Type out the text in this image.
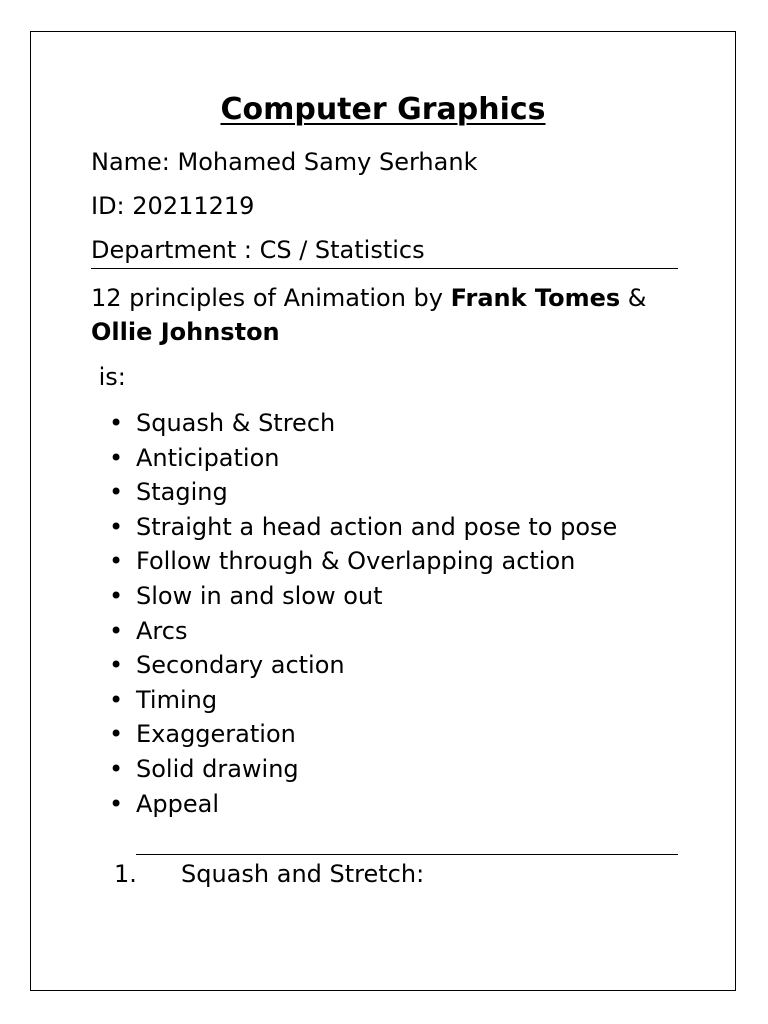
Computer Graphics
Name: Mohamed Samy Serhank
ID: 20211219
Department : CS / Statistics
12 principles of Animation by Frank Tomes &
Ollie Johnston
is:
• Squash & Strech
• Anticipation
• Staging
• Straight a head action and pose to pose
• Follow through & Overlapping action
• Slow in and slow out
• Arcs
• Secondary action
• Timing
• Exaggeration
• Solid drawing
• Appeal
1. Squash and Stretch:
